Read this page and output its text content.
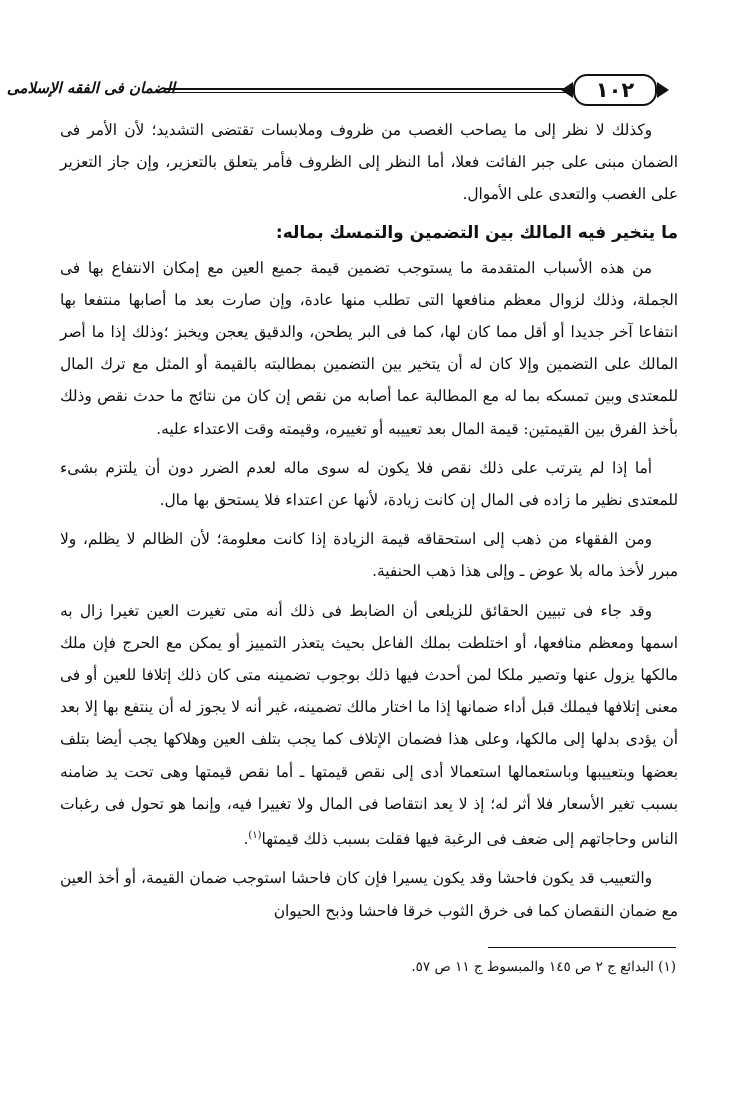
١٠٢
الضمان فى الفقه الإسلامى

وكذلك لا نظر إلى ما يصاحب الغصب من ظروف وملابسات تقتضى التشديد؛ لأن الأمر فى الضمان مبنى على جبر الفائت فعلا، أما النظر إلى الظروف فأمر يتعلق بالتعزير، وإن جاز التعزير على الغصب والتعدى على الأموال.

ما يتخير فيه المالك بين التضمين والتمسك بماله:

من هذه الأسباب المتقدمة ما يستوجب تضمين قيمة جميع العين مع إمكان الانتفاع بها فى الجملة، وذلك لزوال معظم منافعها التى تطلب منها عادة، وإن صارت بعد ما أصابها منتفعا بها انتفاعا آخر جديدا أو أقل مما كان لها، كما فى البر يطحن، والدقيق يعجن ويخبز ؛وذلك إذا ما أصر المالك على التضمين وإلا كان له أن يتخير بين التضمين بمطالبته بالقيمة أو المثل مع ترك المال للمعتدى وبين تمسكه بما له مع المطالبة عما أصابه من نقص إن كان من نتائج ما حدث نقص وذلك بأخذ الفرق بين القيمتين: قيمة المال بعد تعييبه أو تغييره، وقيمته وقت الاعتداء عليه.

أما إذا لم يترتب على ذلك نقص فلا يكون له سوى ماله لعدم الضرر دون أن يلتزم بشىء للمعتدى نظير ما زاده فى المال إن كانت زيادة، لأنها عن اعتداء فلا يستحق بها مال.

ومن الفقهاء من ذهب إلى استحقاقه قيمة الزيادة إذا كانت معلومة؛ لأن الظالم لا يظلم، ولا مبرر لأخذ ماله بلا عوض ـ وإلى هذا ذهب الحنفية.

وقد جاء فى تبيين الحقائق للزيلعى أن الضابط فى ذلك أنه متى تغيرت العين تغيرا زال به اسمها ومعظم منافعها، أو اختلطت بملك الفاعل بحيث يتعذر التمييز أو يمكن مع الحرج فإن ملك مالكها يزول عنها وتصير ملكا لمن أحدث فيها ذلك بوجوب تضمينه متى كان ذلك إتلافا للعين أو فى معنى إتلافها فيملك قبل أداء ضمانها إذا ما اختار مالك تضمينه، غير أنه لا يجوز له أن ينتفع بها إلا بعد أن يؤدى بدلها إلى مالكها، وعلى هذا فضمان الإتلاف كما يجب بتلف العين وهلاكها يجب أيضا بتلف بعضها وبتعييبها وباستعمالها استعمالا أدى إلى نقص قيمتها ـ أما نقص قيمتها وهى تحت يد ضامنه بسبب تغير الأسعار فلا أثر له؛ إذ لا يعد انتقاصا فى المال ولا تغييرا فيه، وإنما هو تحول فى رغبات الناس وحاجاتهم إلى ضعف فى الرغبة فيها فقلت بسبب ذلك قيمتها$^{(١)}$.

والتعييب قد يكون فاحشا وقد يكون يسيرا فإن كان فاحشا استوجب ضمان القيمة، أو أخذ العين مع ضمان النقصان كما فى خرق الثوب خرقا فاحشا وذبح الحيوان

(١) البدائع ج ٢ ص ١٤٥ والمبسوط ج ١١ ص ٥٧.
